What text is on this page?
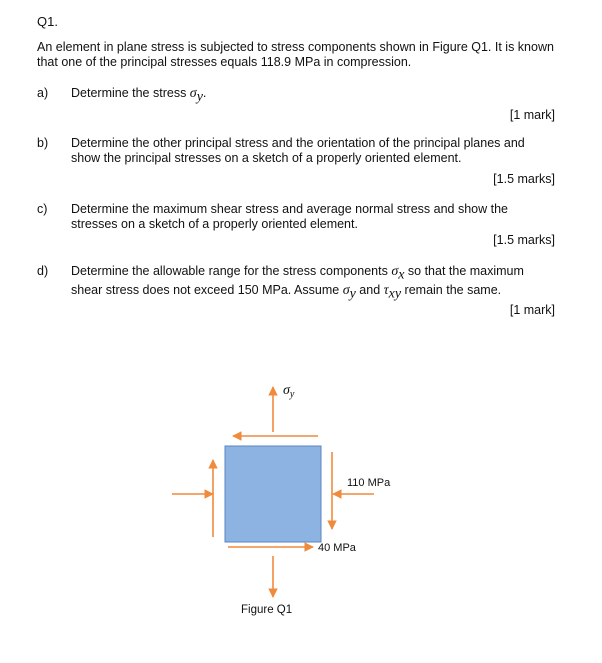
Q1.
An element in plane stress is subjected to stress components shown in Figure Q1. It is known that one of the principal stresses equals 118.9 MPa in compression.
a) Determine the stress $\sigma_y$.
[1 mark]
b) Determine the other principal stress and the orientation of the principal planes and show the principal stresses on a sketch of a properly oriented element.
[1.5 marks]
c) Determine the maximum shear stress and average normal stress and show the stresses on a sketch of a properly oriented element.
[1.5 marks]
d) Determine the allowable range for the stress components $\sigma_x$ so that the maximum shear stress does not exceed 150 MPa. Assume $\sigma_y$ and $\tau_{xy}$ remain the same.
[1 mark]
$\sigma_y$
110 MPa
40 MPa
Figure Q1
